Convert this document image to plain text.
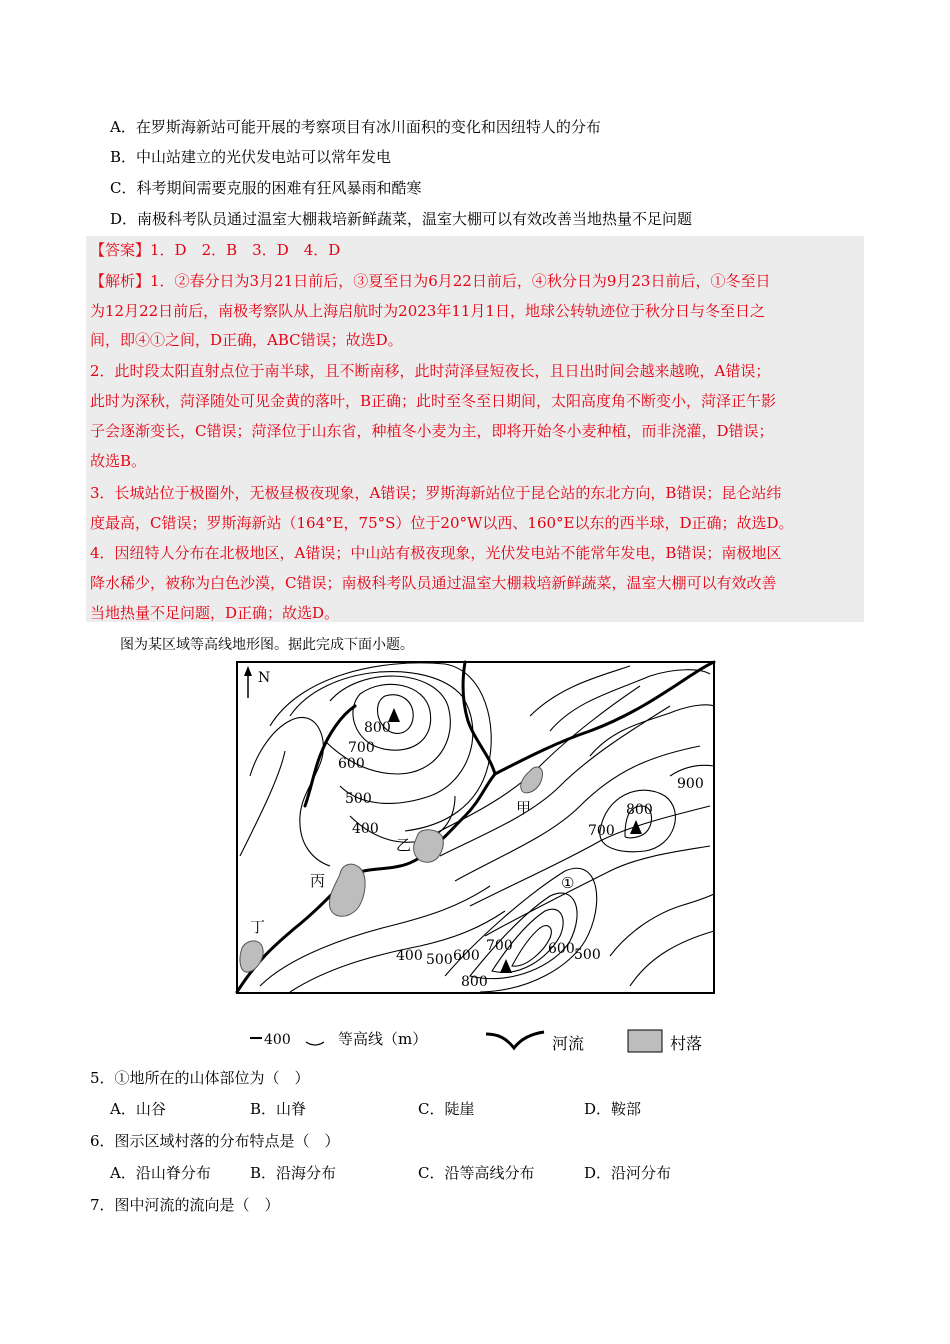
A．在罗斯海新站可能开展的考察项目有冰川面积的变化和因纽特人的分布
B．中山站建立的光伏发电站可以常年发电
C．科考期间需要克服的困难有狂风暴雨和酷寒
D．南极科考队员通过温室大棚栽培新鲜蔬菜，温室大棚可以有效改善当地热量不足问题
【答案】1．D　2．B　3．D　4．D
【解析】1．②春分日为3月21日前后，③夏至日为6月22日前后，④秋分日为9月23日前后，①冬至日
为12月22日前后，南极考察队从上海启航时为2023年11月1日，地球公转轨迹位于秋分日与冬至日之
间，即④①之间，D正确，ABC错误；故选D。
2．此时段太阳直射点位于南半球，且不断南移，此时菏泽昼短夜长，且日出时间会越来越晚，A错误；
此时为深秋，菏泽随处可见金黄的落叶，B正确；此时至冬至日期间，太阳高度角不断变小，菏泽正午影
子会逐渐变长，C错误；菏泽位于山东省，种植冬小麦为主，即将开始冬小麦种植，而非浇灌，D错误；
故选B。
3．长城站位于极圈外，无极昼极夜现象，A错误；罗斯海新站位于昆仑站的东北方向，B错误；昆仑站纬
度最高，C错误；罗斯海新站（164°E，75°S）位于20°W以西、160°E以东的西半球，D正确；故选D。
4．因纽特人分布在北极地区，A错误；中山站有极夜现象，光伏发电站不能常年发电，B错误；南极地区
降水稀少，被称为白色沙漠，C错误；南极科考队员通过温室大棚栽培新鲜蔬菜，温室大棚可以有效改善
当地热量不足问题，D正确；故选D。
图为某区域等高线地形图。据此完成下面小题。
N
800
700
600
500
400
900
800
700
400 500 600
700
800
600 500
甲
乙
丙
丁
①
400	等高线（m）	河流	村落
5．①地所在的山体部位为（　）
A．山谷	B．山脊	C．陡崖	D．鞍部
6．图示区域村落的分布特点是（　）
A．沿山脊分布	B．沿海分布	C．沿等高线分布	D．沿河分布
7．图中河流的流向是（　）
